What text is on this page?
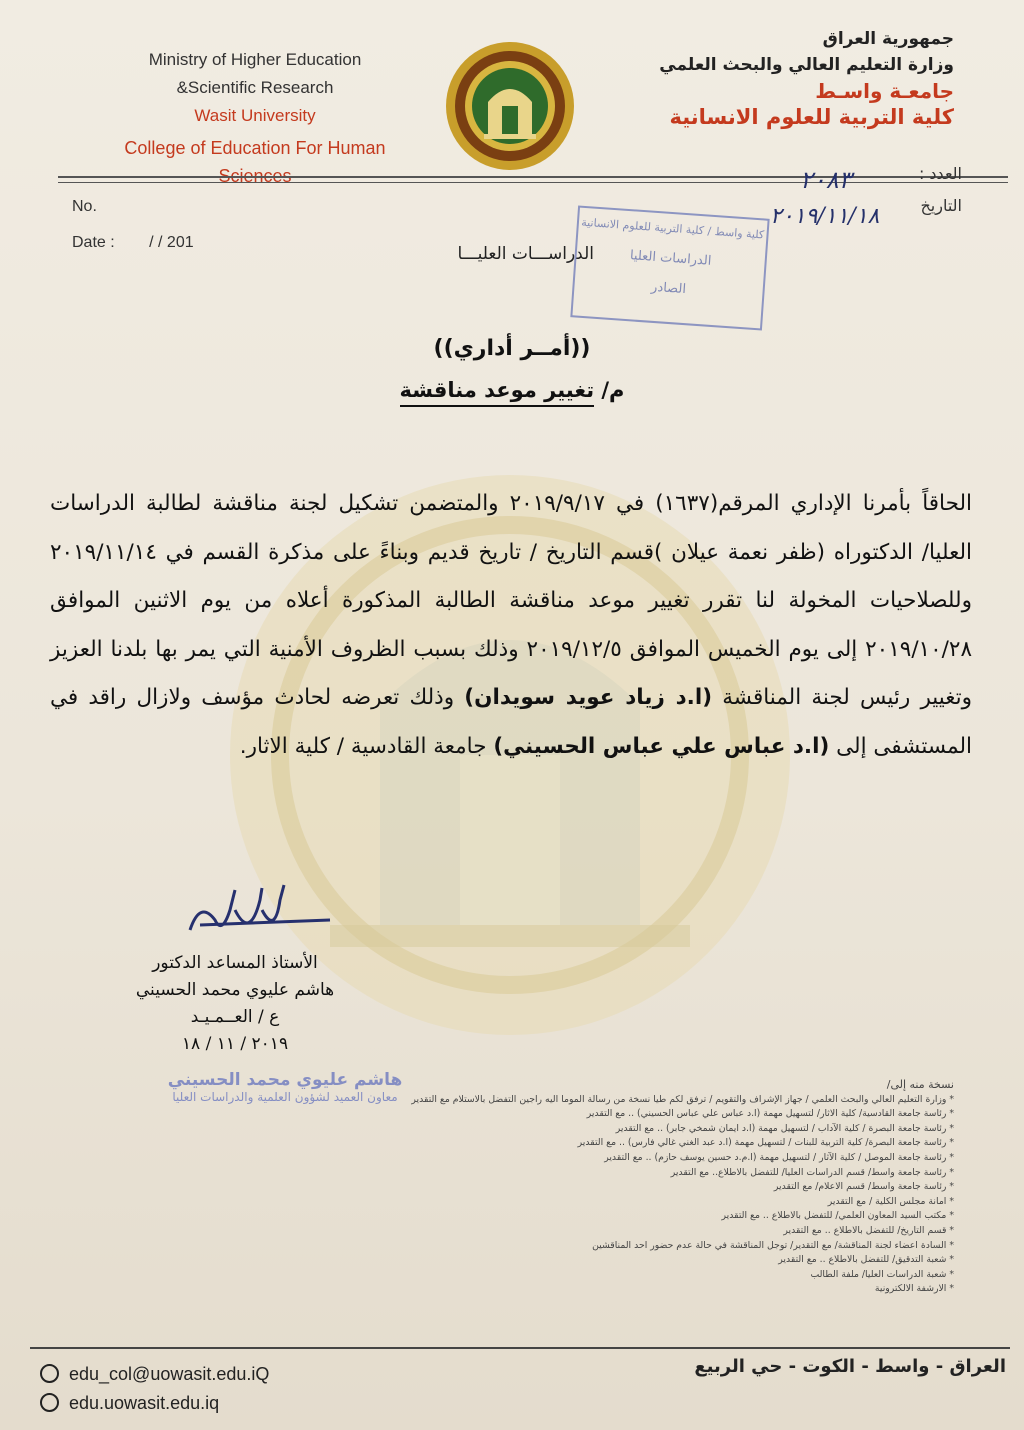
Ministry of Higher Education
&Scientific Research
Wasit University
College of Education For Human Sciences
جمهورية العراق
وزارة التعليم العالي والبحث العلمي
جامعـة واسـط
كلية التربية للعلوم الانسانية
No.
Date : / / 201
العدد :
التاريخ
٢٠٨٣
٢٠١٩/١١/١٨
الدراســـات العليـــا
كلية واسط / كلية التربية للعلوم الانسانية
الدراسات العليا
الصادر
((أمــر أداري))
م/ تغيير موعد مناقشة
الحاقاً بأمرنا الإداري المرقم(١٦٣٧) في ٢٠١٩/٩/١٧ والمتضمن تشكيل لجنة مناقشة لطالبة الدراسات العليا/ الدكتوراه (ظفر نعمة عيلان )قسم التاريخ / تاريخ قديم وبناءً على مذكرة القسم في ٢٠١٩/١١/١٤ وللصلاحيات المخولة لنا تقرر تغيير موعد مناقشة الطالبة المذكورة أعلاه من يوم الاثنين الموافق ٢٠١٩/١٠/٢٨ إلى يوم الخميس الموافق ٢٠١٩/١٢/٥ وذلك بسبب الظروف الأمنية التي يمر بها بلدنا العزيز وتغيير رئيس لجنة المناقشة (ا.د زياد عويد سويدان) وذلك تعرضه لحادث مؤسف ولازال راقد في المستشفى إلى (ا.د عباس علي عباس الحسيني) جامعة القادسية / كلية الاثار.
الأستاذ المساعد الدكتور
هاشم عليوي محمد الحسيني
ع / العــمـيـد
٢٠١٩ / ١١ / ١٨
هاشم عليوي محمد الحسيني
معاون العميد لشؤون العلمية والدراسات العليا
نسخة منه إلى/
* وزارة التعليم العالي والبحث العلمي / جهاز الإشراف والتقويم / ترفق لكم طيا نسخة من رسالة الموما اليه راجين التفضل بالاستلام مع التقدير
* رئاسة جامعة القادسية/ كلية الاثار/ لتسهيل مهمة (ا.د عباس علي عباس الحسيني) .. مع التقدير
* رئاسة جامعة البصرة / كلية الآداب / لتسهيل مهمة (ا.د ايمان شمخي جابر) .. مع التقدير
* رئاسة جامعة البصرة/ كلية التربية للبنات / لتسهيل مهمة (ا.د عبد الغني غالي فارس) .. مع التقدير
* رئاسة جامعة الموصل / كلية الآثار / لتسهيل مهمة (ا.م.د حسين يوسف حازم) .. مع التقدير
* رئاسة جامعة واسط/ قسم الدراسات العليا/ للتفضل بالاطلاع.. مع التقدير
* رئاسة جامعة واسط/ قسم الاعلام/ مع التقدير
* امانة مجلس الكلية / مع التقدير
* مكتب السيد المعاون العلمي/ للتفضل بالاطلاع .. مع التقدير
* قسم التاريخ/ للتفضل بالاطلاع .. مع التقدير
* السادة اعضاء لجنة المناقشة/ مع التقدير/ توجل المناقشة في حالة عدم حضور احد المناقشين
* شعبة التدقيق/ للتفضل بالاطلاع .. مع التقدير
* شعبة الدراسات العليا/ ملفة الطالب
* الارشفة الالكترونية
edu_col@uowasit.edu.iQ
edu.uowasit.edu.iq
العراق - واسط - الكوت - حي الربيع
